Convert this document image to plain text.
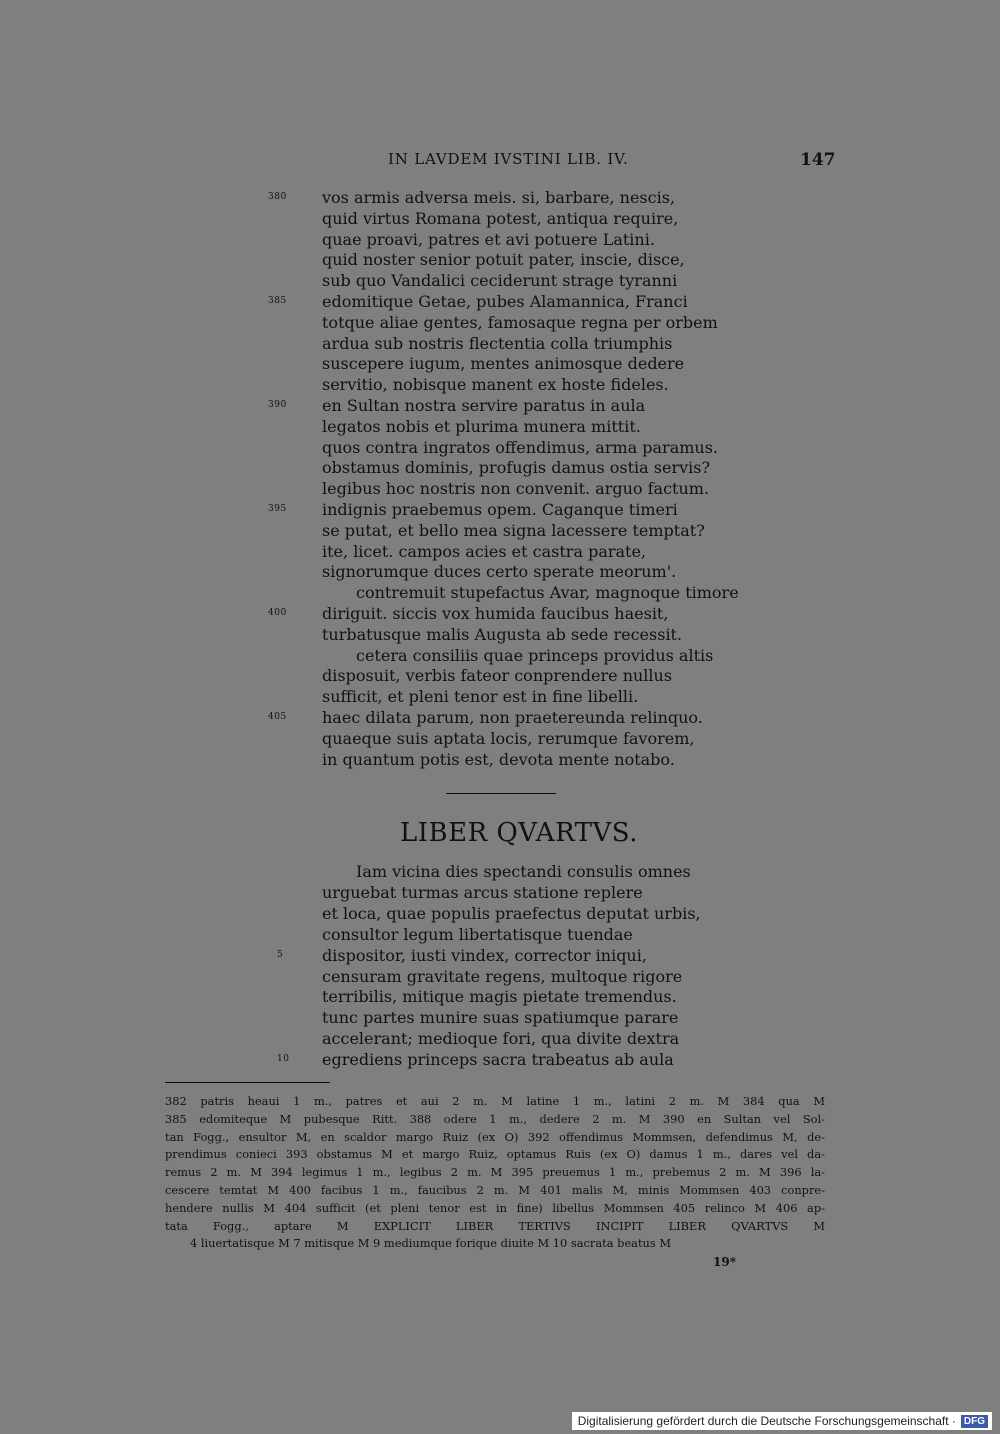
IN LAVDEM IVSTINI LIB. IV.	147
380 vos armis adversa meis. si, barbare, nescis,
quid virtus Romana potest, antiqua require,
quae proavi, patres et avi potuere Latini.
quid noster senior potuit pater, inscie, disce,
sub quo Vandalici ceciderunt strage tyranni
385 edomitique Getae, pubes Alamannica, Franci
totque aliae gentes, famosaque regna per orbem
ardua sub nostris flectentia colla triumphis
suscepere iugum, mentes animosque dedere
servitio, nobisque manent ex hoste fideles.
390 en Sultan nostra servire paratus in aula
legatos nobis et plurima munera mittit.
quos contra ingratos offendimus, arma paramus.
obstamus dominis, profugis damus ostia servis?
legibus hoc nostris non convenit. arguo factum.
395 indignis praebemus opem. Caganque timeri
se putat, et bello mea signa lacessere temptat?
ite, licet. campos acies et castra parate,
signorumque duces certo sperate meorum'.
contremuit stupefactus Avar, magnoque timore
400 diriguit. siccis vox humida faucibus haesit,
turbatusque malis Augusta ab sede recessit.
cetera consiliis quae princeps providus altis
disposuit, verbis fateor conprendere nullus
sufficit, et pleni tenor est in fine libelli.
405 haec dilata parum, non praetereunda relinquo.
quaeque suis aptata locis, rerumque favorem,
in quantum potis est, devota mente notabo.
LIBER QVARTVS.
Iam vicina dies spectandi consulis omnes
urguebat turmas arcus statione replere
et loca, quae populis praefectus deputat urbis,
consultor legum libertatisque tuendae
5 dispositor, iusti vindex, corrector iniqui,
censuram gravitate regens, multoque rigore
terribilis, mitique magis pietate tremendus.
tunc partes munire suas spatiumque parare
accelerant; medioque fori, qua divite dextra
10 egrediens princeps sacra trabeatus ab aula
382 patris heaui 1 m., patres et aui 2 m. M latine 1 m., latini 2 m. M 384 qua M
385 edomiteque M pubesque Ritt. 388 odere 1 m., dedere 2 m. M 390 en Sultan vel Sol-
tan Fogg., ensultor M, en scaldor margo Ruiz (ex O) 392 offendimus Mommsen, defendimus M, de-
prendimus conieci 393 obstamus M et margo Ruiz, optamus Ruis (ex O) damus 1 m., dares vel da-
remus 2 m. M 394 legimus 1 m., legibus 2 m. M 395 preuemus 1 m., prebemus 2 m. M 396 la-
cescere temtat M 400 facibus 1 m., faucibus 2 m. M 401 malis M, minis Mommsen 403 conpre-
hendere nullis M 404 sufficit (et pleni tenor est in fine) libellus Mommsen 405 relinco M 406 ap-
tata Fogg., aptare M EXPLICIT LIBER TERTIVS INCIPIT LIBER QVARTVS M
4 liuertatisque M 7 mitisque M 9 mediumque forique diuite M 10 sacrata beatus M
19*
Digitalisierung gefördert durch die Deutsche Forschungsgemeinschaft · DFG
